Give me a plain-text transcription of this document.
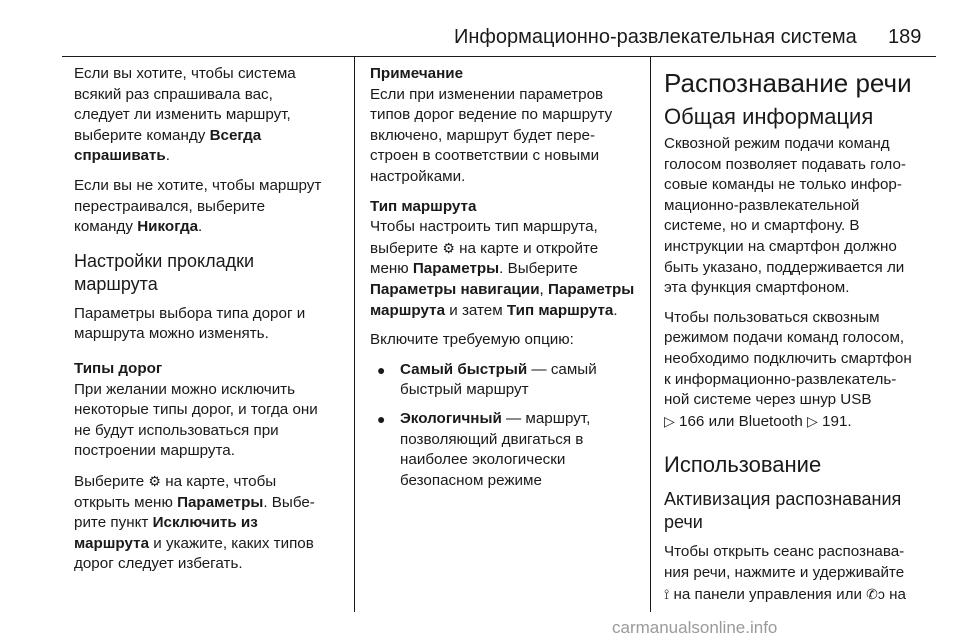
Информационно-развлекательная система 189

Если вы хотите, чтобы система
всякий раз спрашивала вас,
следует ли изменить маршрут,
выберите команду Всегда
спрашивать.

Если вы не хотите, чтобы маршрут
перестраивался, выберите
команду Никогда.

Настройки прокладки
маршрута

Параметры выбора типа дорог и
маршрута можно изменять.

Типы дорог

При желании можно исключить
некоторые типы дорог, и тогда они
не будут использоваться при
построении маршрута.

Выберите ⚙ на карте, чтобы
открыть меню Параметры. Выбе-
рите пункт Исключить из
маршрута и укажите, каких типов
дорог следует избегать.

Примечание

Если при изменении параметров
типов дорог ведение по маршруту
включено, маршрут будет пере-
строен в соответствии с новыми
настройками.

Тип маршрута

Чтобы настроить тип маршрута,
выберите ⚙ на карте и откройте
меню Параметры. Выберите
Параметры навигации, Параметры
маршрута и затем Тип маршрута.

Включите требуемую опцию:

● Самый быстрый — самый
быстрый маршрут
● Экологичный — маршрут,
позволяющий двигаться в
наиболее экологически
безопасном режиме
Распознавание речи
Общая информация

Сквозной режим подачи команд
голосом позволяет подавать голо-
совые команды не только инфор-
мационно-развлекательной
системе, но и смартфону. В
инструкции на смартфон должно
быть указано, поддерживается ли
эта функция смартфоном.

Чтобы пользоваться сквозным
режимом подачи команд голосом,
необходимо подключить смартфон
к информационно-развлекатель-
ной системе через шнур USB
▷ 166 или Bluetooth ▷ 191.

Использование
Активизация распознавания
речи

Чтобы открыть сеанс распознава-
ния речи, нажмите и удерживайте
⟟ на панели управления или ✆ↄ на

carmanualsonline.info
